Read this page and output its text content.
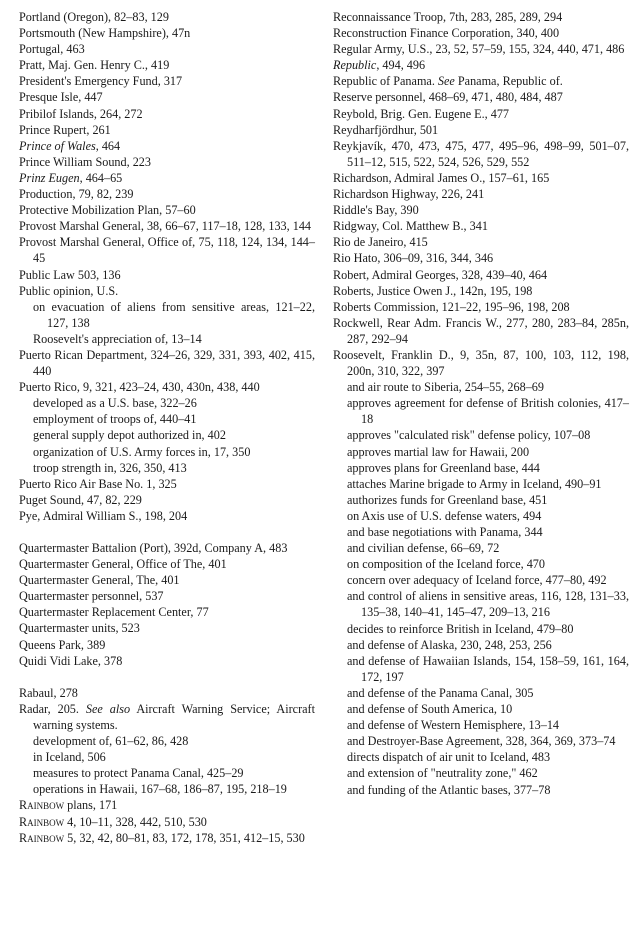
Portland (Oregon), 82–83, 129

Portsmouth (New Hampshire), 47n

Portugal, 463

Pratt, Maj. Gen. Henry C., 419

President's Emergency Fund, 317

Presque Isle, 447

Pribilof Islands, 264, 272

Prince Rupert, 261

Prince of Wales, 464

Prince William Sound, 223

Prinz Eugen, 464–65

Production, 79, 82, 239

Protective Mobilization Plan, 57–60

Provost Marshal General, 38, 66–67, 117–18, 128, 133, 144

Provost Marshal General, Office of, 75, 118, 124, 134, 144–45

Public Law 503, 136

Public opinion, U.S.

on evacuation of aliens from sensitive areas, 121–22, 127, 138

Roosevelt's appreciation of, 13–14

Puerto Rican Department, 324–26, 329, 331, 393, 402, 415, 440

Puerto Rico, 9, 321, 423–24, 430, 430n, 438, 440

developed as a U.S. base, 322–26

employment of troops of, 440–41

general supply depot authorized in, 402

organization of U.S. Army forces in, 17, 350

troop strength in, 326, 350, 413

Puerto Rico Air Base No. 1, 325

Puget Sound, 47, 82, 229

Pye, Admiral William S., 198, 204

Quartermaster Battalion (Port), 392d, Company A, 483

Quartermaster General, Office of The, 401

Quartermaster General, The, 401

Quartermaster personnel, 537

Quartermaster Replacement Center, 77

Quartermaster units, 523

Queens Park, 389

Quidi Vidi Lake, 378

Rabaul, 278

Radar, 205. See also Aircraft Warning Service; Aircraft warning systems.

development of, 61–62, 86, 428

in Iceland, 506

measures to protect Panama Canal, 425–29

operations in Hawaii, 167–68, 186–87, 195, 218–19

Rainbow plans, 171

Rainbow 4, 10–11, 328, 442, 510, 530

Rainbow 5, 32, 42, 80–81, 83, 172, 178, 351, 412–15, 530

Reconnaissance Troop, 7th, 283, 285, 289, 294

Reconstruction Finance Corporation, 340, 400

Regular Army, U.S., 23, 52, 57–59, 155, 324, 440, 471, 486

Republic, 494, 496

Republic of Panama. See Panama, Republic of.

Reserve personnel, 468–69, 471, 480, 484, 487

Reybold, Brig. Gen. Eugene E., 477

Reydharfjördhur, 501

Reykjavík, 470, 473, 475, 477, 495–96, 498–99, 501–07, 511–12, 515, 522, 524, 526, 529, 552

Richardson, Admiral James O., 157–61, 165

Richardson Highway, 226, 241

Riddle's Bay, 390

Ridgway, Col. Matthew B., 341

Rio de Janeiro, 415

Rio Hato, 306–09, 316, 344, 346

Robert, Admiral Georges, 328, 439–40, 464

Roberts, Justice Owen J., 142n, 195, 198

Roberts Commission, 121–22, 195–96, 198, 208

Rockwell, Rear Adm. Francis W., 277, 280, 283–84, 285n, 287, 292–94

Roosevelt, Franklin D., 9, 35n, 87, 100, 103, 112, 198, 200n, 310, 322, 397

and air route to Siberia, 254–55, 268–69

approves agreement for defense of British colonies, 417–18

approves "calculated risk" defense policy, 107–08

approves martial law for Hawaii, 200

approves plans for Greenland base, 444

attaches Marine brigade to Army in Iceland, 490–91

authorizes funds for Greenland base, 451

on Axis use of U.S. defense waters, 494

and base negotiations with Panama, 344

and civilian defense, 66–69, 72

on composition of the Iceland force, 470

concern over adequacy of Iceland force, 477–80, 492

and control of aliens in sensitive areas, 116, 128, 131–33, 135–38, 140–41, 145–47, 209–13, 216

decides to reinforce British in Iceland, 479–80

and defense of Alaska, 230, 248, 253, 256

and defense of Hawaiian Islands, 154, 158–59, 161, 164, 172, 197

and defense of the Panama Canal, 305

and defense of South America, 10

and defense of Western Hemisphere, 13–14

and Destroyer-Base Agreement, 328, 364, 369, 373–74

directs dispatch of air unit to Iceland, 483

and extension of "neutrality zone," 462

and funding of the Atlantic bases, 377–78
